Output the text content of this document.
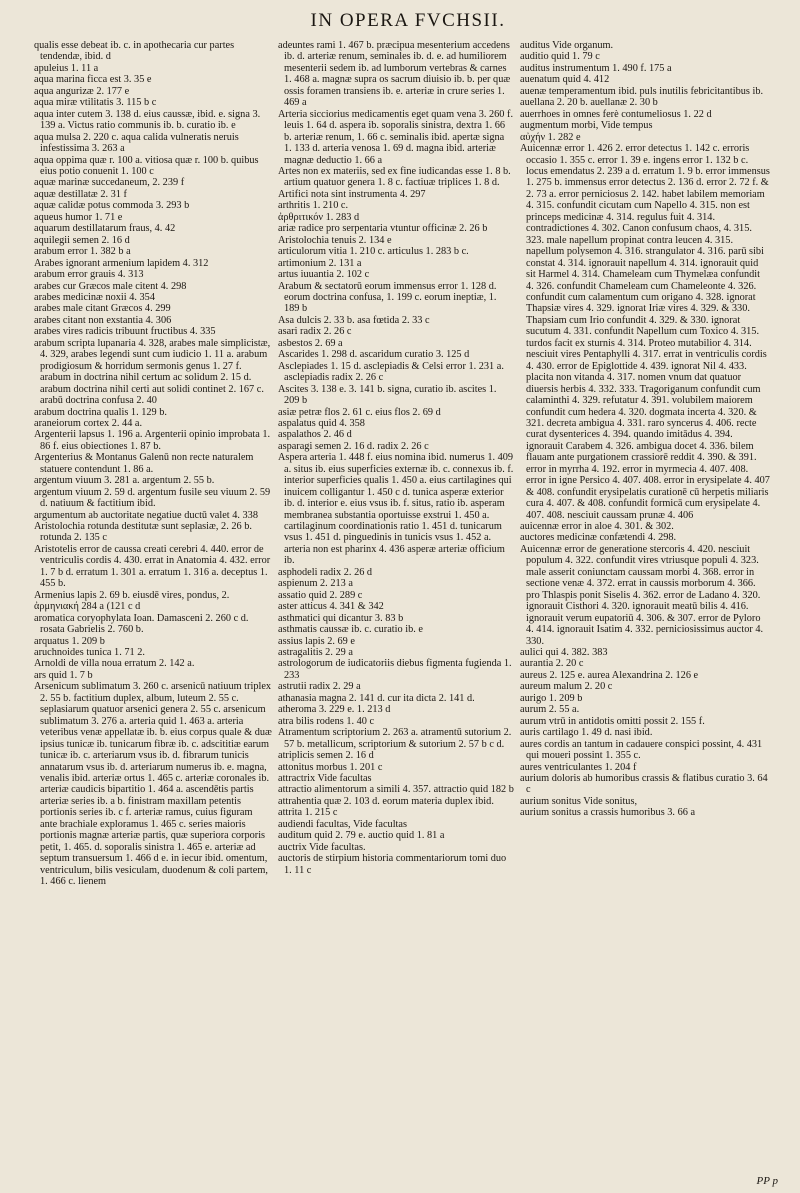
IN OPERA FVCHSII.

qualis esse debeat ib. c. in apothecaria cur partes tendendæ, ibid. d

apuleius 1. 11 a

aqua marina ficca est 3. 35 e

aqua angurizæ 2. 177 e

aqua miræ vtilitatis 3. 115 b c

aqua inter cutem 3. 138 d. eius caussæ, ibid. e. signa 3. 139 a. Victus ratio communis ib. b. curatio ib. e

aqua mulsa 2. 220 c. aqua calida vulneratis neruis infestissima 3. 263 a

aqua oppima quæ r. 100 a. vitiosa quæ r. 100 b. quibus eius potio conuenit 1. 100 c

aquæ marinæ succedaneum, 2. 239 f

aquæ destillatæ 2. 31 f

aquæ calidæ potus commoda 3. 293 b

aqueus humor 1. 71 e

aquarum destillatarum fraus, 4. 42

aquilegii semen 2. 16 d

arabum error 1. 382 b a

Arabes ignorant armenium lapidem 4. 312

arabum error grauis 4. 313

arabes cur Græcos male citent 4. 298

arabes medicinæ noxii 4. 354

arabes male citant Græcos 4. 299

arabes citant non exstantia 4. 306

arabes vires radicis tribuunt fructibus 4. 335

arabum scripta lupanaria 4. 328, arabes male simplicistæ, 4. 329, arabes legendi sunt cum iudicio 1. 11 a. arabum prodigiosum & horridum sermonis genus 1. 27 f. arabum in doctrina nihil certum ac solidum 2. 15 d. arabum doctrina nihil certi aut solidi continet 2. 167 c. arabū doctrina confusa 2. 40

arabum doctrina qualis 1. 129 b.

araneiorum cortex 2. 44 a.

Argenterii lapsus 1. 196 a. Argenterii opinio improbata 1. 86 f. eius obiectiones 1. 87 b.

Argenterius & Montanus Galenū non recte naturalem statuere contendunt 1. 86 a.

argentum viuum 3. 281 a. argentum 2. 55 b.

argentum viuum 2. 59 d. argentum fusile seu viuum 2. 59 d. natiuum & factitium ibid.

argumentum ab auctoritate negatiue ductū valet 4. 338

Aristolochia rotunda destitutæ sunt seplasiæ, 2. 26 b. rotunda 2. 135 c

Aristotelis error de caussa creati cerebri 4. 440. error de ventriculis cordis 4. 430. errat in Anatomia 4. 432. error 1. 7 b d. erratum 1. 301 a. erratum 1. 316 a. deceptus 1. 455 b.

Armenius lapis 2. 69 b. eiusdē vires, pondus, 2.

ἀρμηνιακή 284 a (121 c d

aromatica coryophylata Ioan. Damasceni 2. 260 c d. rosata Gabrielis 2. 760 b.

arquatus 1. 209 b

aruchnoides tunica 1. 71 2.

Arnoldi de villa noua erratum 2. 142 a.

ars quid 1. 7 b

Arsenicum sublimatum 3. 260 c. arsenicū natiuum triplex 2. 55 b. factitium duplex, album, luteum 2. 55 c. seplasiarum quatuor arsenici genera 2. 55 c. arsenicum sublimatum 3. 276 a. arteria quid 1. 463 a. arteria veteribus venæ appellatæ ib. b. eius corpus quale & duæ ipsius tunicæ ib. tunicarum fibræ ib. c. adscititiæ earum tunicæ ib. c. arteriarum vsus ib. d. fibrarum tunicis annatarum vsus ib. d. arteriarum numerus ib. e. magna, venalis ibid. arteriæ ortus 1. 465 c. arteriæ coronales ib. arteriæ caudicis bipartitio 1. 464 a. ascendētis partis arteriæ series ib. a b. finistram maxillam petentis portionis series ib. c f. arteriæ ramus, cuius figuram ante brachiale exploramus 1. 465 c. series maioris portionis magnæ arteriæ partis, quæ superiora corporis petit, 1. 465. d. soporalis sinistra 1. 465 e. arteriæ ad septum transuersum 1. 466 d e. in iecur ibid. omentum, ventriculum, bilis vesiculam, duodenum & coli partem, 1. 466 c. lienem

adeuntes rami 1. 467 b. præcipua mesenterium accedens ib. d. arteriæ renum, seminales ib. d. e. ad humiliorem mesenterii sedem ib. ad lumborum vertebras & carnes 1. 468 a. magnæ supra os sacrum diuisio ib. b. per quæ ossis foramen transiens ib. e. arteriæ in crure series 1. 469 a

Arteria sicciorius medicamentis eget quam vena 3. 260 f. leuis 1. 64 d. aspera ib. soporalis sinistra, dextra 1. 66 b. arteriæ renum, 1. 66 c. seminalis ibid. apertæ signa 1. 133 d. arteria venosa 1. 69 d. magna ibid. arteriæ magnæ deductio 1. 66 a

Artes non ex materiis, sed ex fine iudicandas esse 1. 8 b. artium quatuor genera 1. 8 c. factiuæ triplices 1. 8 d.

Artifici nota sint instrumenta 4. 297

arthritis 1. 210 c.

ἀρθριτικόν 1. 283 d

ariæ radice pro serpentaria vtuntur officinæ 2. 26 b

Aristolochia tenuis 2. 134 e

articulorum vitia 1. 210 c. articulus 1. 283 b c.

artimonium 2. 131 a

artus iuuantia 2. 102 c

Arabum & sectatorū eorum immensus error 1. 128 d. eorum doctrina confusa, 1. 199 c. eorum ineptiæ, 1. 189 b

Asa dulcis 2. 33 b. asa fœtida 2. 33 c

asari radix 2. 26 c

asbestos 2. 69 a

Ascarides 1. 298 d. ascaridum curatio 3. 125 d

Asclepiades 1. 15 d. asclepiadis & Celsi error 1. 231 a. asclepiadis radix 2. 26 c

Ascites 3. 138 e. 3. 141 b. signa, curatio ib. ascites 1. 209 b

asiæ petræ flos 2. 61 c. eius flos 2. 69 d

aspalatus quid 4. 358

aspalathos 2. 46 d

asparagi semen 2. 16 d. radix 2. 26 c

Aspera arteria 1. 448 f. eius nomina ibid. numerus 1. 409 a. situs ib. eius superficies externæ ib. c. connexus ib. f. interior superficies qualis 1. 450 a. eius cartilagines qui inuicem colligantur 1. 450 c d. tunica asperæ exterior ib. d. interior e. eius vsus ib. f. situs, ratio ib. asperam membranea substantia oportuisse exstrui 1. 450 a. cartilaginum coordinationis ratio 1. 451 d. tunicarum vsus 1. 451 d. pinguedinis in tunicis vsus 1. 452 a. arteria non est pharinx 4. 436 asperæ arteriæ officium ib.

asphodeli radix 2. 26 d

aspienum 2. 213 a

assatio quid 2. 289 c

aster atticus 4. 341 & 342

asthmatici qui dicantur 3. 83 b

asthmatis caussæ ib. c. curatio ib. e

assius lapis 2. 69 e

astragalitis 2. 29 a

astrologorum de iudicatoriis diebus figmenta fugienda 1. 233

astrutii radix 2. 29 a

athanasia magna 2. 141 d. cur ita dicta 2. 141 d.

atheroma 3. 229 e. 1. 213 d

atra bilis rodens 1. 40 c

Atramentum scriptorium 2. 263 a. atramentū sutorium 2. 57 b. metallicum, scriptorium & sutorium 2. 57 b c d.

atriplicis semen 2. 16 d

attonitus morbus 1. 201 c

attractrix Vide facultas

attractio alimentorum a simili 4. 357. attractio quid 182 b

attrahentia quæ 2. 103 d. eorum materia duplex ibid.

attrita 1. 215 c

audiendi facultas, Vide facultas

auditum quid 2. 79 e. auctio quid 1. 81 a

auctrix Vide facultas.

auctoris de stirpium historia commentariorum tomi duo 1. 11 c

auditus Vide organum.

auditio quid 1. 79 c

auditus instrumentum 1. 490 f. 175 a

auenatum quid 4. 412

auenæ temperamentum ibid. puls inutilis febricitantibus ib.

auellana 2. 20 b. auellanæ 2. 30 b

auerrhoes in omnes ferè contumeliosus 1. 22 d

augmentum morbi, Vide tempus

αὐχήν 1. 282 e

Auicennæ error 1. 426 2. error detectus 1. 142 c. erroris occasio 1. 355 c. error 1. 39 e. ingens error 1. 132 b c. locus emendatus 2. 239 a d. erratum 1. 9 b. error immensus 1. 275 b. immensus error detectus 2. 136 d. error 2. 72 f. & 2. 73 a. error perniciosus 2. 142. habet labilem memoriam 4. 315. confundit cicutam cum Napello 4. 315. non est princeps medicinæ 4. 314. regulus fuit 4. 314. contradictiones 4. 302. Canon confusum chaos, 4. 315. 323. male napellum propinat contra leucen 4. 315. napellum polysemon 4. 316. strangulator 4. 316. parū sibi constat 4. 314. ignorauit napellum 4. 314. ignorauit quid sit Harmel 4. 314. Chameleam cum Thymelæa confundit 4. 326. confundit Chameleam cum Chameleonte 4. 326. confundit cum calamentum cum origano 4. 328. ignorat Thapsiæ vires 4. 329. ignorat Iriæ vires 4. 329. & 330. Thapsiam cum Irio confundit 4. 329. & 330. ignorat sucutum 4. 331. confundit Napellum cum Toxico 4. 315. turdos facit ex sturnis 4. 314. Proteo mutabilior 4. 314. nesciuit vires Pentaphylli 4. 317. errat in ventriculis cordis 4. 430. error de Epiglottide 4. 439. ignorat Nil 4. 433. placita non vitanda 4. 317. nomen vnum dat quatuor diuersis herbis 4. 332. 333. Tragoriganum confundit cum calaminthi 4. 329. refutatur 4. 391. volubilem maiorem confundit cum hedera 4. 320. dogmata incerta 4. 320. & 321. decreta ambigua 4. 331. raro syncerus 4. 406. recte curat dysenterices 4. 394. quando imitādus 4. 394. ignorauit Carabem 4. 326. ambigua docet 4. 336. bilem flauam ante purgationem crassiorē reddit 4. 390. & 391. error in myrrha 4. 192. error in myrmecia 4. 407. 408. error in igne Persico 4. 407. 408. error in erysipelate 4. 407 & 408. confundit erysipelatis curationē cū herpetis miliaris cura 4. 407. & 408. confundit formicā cum erysipelate 4. 407. 408. nesciuit caussam prunæ 4. 406

auicennæ error in aloe 4. 301. & 302.

auctores medicinæ confætendi 4. 298.

Auicennæ error de generatione stercoris 4. 420. nesciuit populum 4. 322. confundit vires vtriusque populi 4. 323. male asserit coniunctam caussam morbi 4. 368. error in sectione venæ 4. 372. errat in caussis morborum 4. 366. pro Thlaspis ponit Siselis 4. 362. error de Ladano 4. 320. ignorauit Cisthori 4. 320. ignorauit meatū bilis 4. 416. ignorauit verum eupatoriū 4. 306. & 307. error de Pyloro 4. 414. ignorauit Isatim 4. 332. perniciosissimus auctor 4. 330.

aulici qui 4. 382. 383

aurantia 2. 20 c

aureus 2. 125 e. aurea Alexandrina 2. 126 e

aureum malum 2. 20 c

aurigo 1. 209 b

aurum 2. 55 a.

aurum vtrū in antidotis omitti possit 2. 155 f.

auris cartilago 1. 49 d. nasi ibid.

aures cordis an tantum in cadauere conspici possint, 4. 431 qui moueri possint 1. 355 c.

aures ventriculantes 1. 204 f

aurium doloris ab humoribus crassis & flatibus curatio 3. 64 c

aurium sonitus Vide sonitus,

aurium sonitus a crassis humoribus 3. 66 a

PP p
